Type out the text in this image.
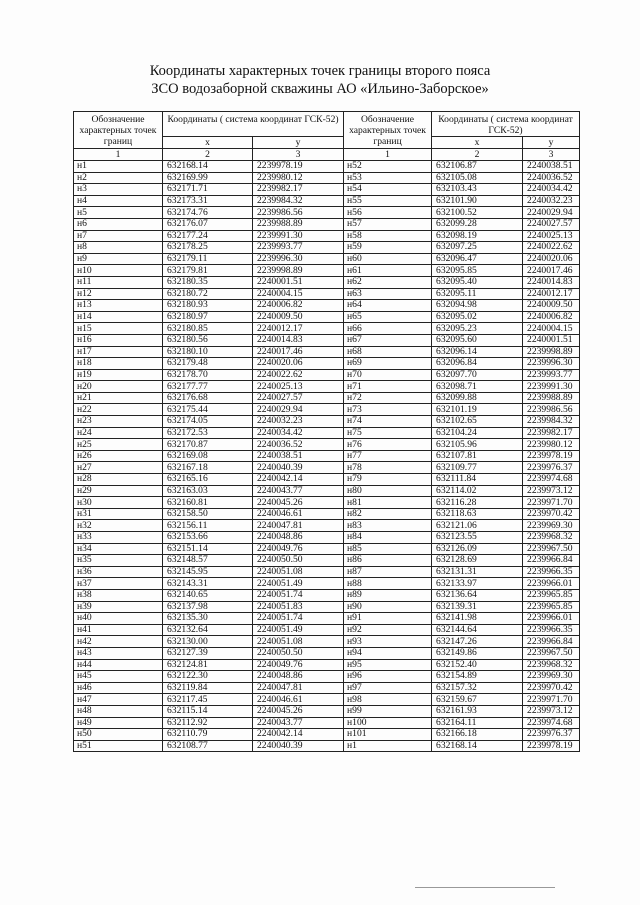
Координаты характерных точек границы второго пояса
ЗСО водозаборной скважины АО «Ильино-Заборское»
Обозначение характерных точек границ	Координаты ( система координат ГСК-52)		Обозначение характерных точек границ	Координаты ( система координат ГСК-52)	
	х	у		х	у
1	2	3	1	2	3
н1	632168.14	2239978.19	н52	632106.87	2240038.51
н2	632169.99	2239980.12	н53	632105.08	2240036.52
н3	632171.71	2239982.17	н54	632103.43	2240034.42
н4	632173.31	2239984.32	н55	632101.90	2240032.23
н5	632174.76	2239986.56	н56	632100.52	2240029.94
н6	632176.07	2239988.89	н57	632099.28	2240027.57
н7	632177.24	2239991.30	н58	632098.19	2240025.13
н8	632178.25	2239993.77	н59	632097.25	2240022.62
н9	632179.11	2239996.30	н60	632096.47	2240020.06
н10	632179.81	2239998.89	н61	632095.85	2240017.46
н11	632180.35	2240001.51	н62	632095.40	2240014.83
н12	632180.72	2240004.15	н63	632095.11	2240012.17
н13	632180.93	2240006.82	н64	632094.98	2240009.50
н14	632180.97	2240009.50	н65	632095.02	2240006.82
н15	632180.85	2240012.17	н66	632095.23	2240004.15
н16	632180.56	2240014.83	н67	632095.60	2240001.51
н17	632180.10	2240017.46	н68	632096.14	2239998.89
н18	632179.48	2240020.06	н69	632096.84	2239996.30
н19	632178.70	2240022.62	н70	632097.70	2239993.77
н20	632177.77	2240025.13	н71	632098.71	2239991.30
н21	632176.68	2240027.57	н72	632099.88	2239988.89
н22	632175.44	2240029.94	н73	632101.19	2239986.56
н23	632174.05	2240032.23	н74	632102.65	2239984.32
н24	632172.53	2240034.42	н75	632104.24	2239982.17
н25	632170.87	2240036.52	н76	632105.96	2239980.12
н26	632169.08	2240038.51	н77	632107.81	2239978.19
н27	632167.18	2240040.39	н78	632109.77	2239976.37
н28	632165.16	2240042.14	н79	632111.84	2239974.68
н29	632163.03	2240043.77	н80	632114.02	2239973.12
н30	632160.81	2240045.26	н81	632116.28	2239971.70
н31	632158.50	2240046.61	н82	632118.63	2239970.42
н32	632156.11	2240047.81	н83	632121.06	2239969.30
н33	632153.66	2240048.86	н84	632123.55	2239968.32
н34	632151.14	2240049.76	н85	632126.09	2239967.50
н35	632148.57	2240050.50	н86	632128.69	2239966.84
н36	632145.95	2240051.08	н87	632131.31	2239966.35
н37	632143.31	2240051.49	н88	632133.97	2239966.01
н38	632140.65	2240051.74	н89	632136.64	2239965.85
н39	632137.98	2240051.83	н90	632139.31	2239965.85
н40	632135.30	2240051.74	н91	632141.98	2239966.01
н41	632132.64	2240051.49	н92	632144.64	2239966.35
н42	632130.00	2240051.08	н93	632147.26	2239966.84
н43	632127.39	2240050.50	н94	632149.86	2239967.50
н44	632124.81	2240049.76	н95	632152.40	2239968.32
н45	632122.30	2240048.86	н96	632154.89	2239969.30
н46	632119.84	2240047.81	н97	632157.32	2239970.42
н47	632117.45	2240046.61	н98	632159.67	2239971.70
н48	632115.14	2240045.26	н99	632161.93	2239973.12
н49	632112.92	2240043.77	н100	632164.11	2239974.68
н50	632110.79	2240042.14	н101	632166.18	2239976.37
н51	632108.77	2240040.39	н1	632168.14	2239978.19
